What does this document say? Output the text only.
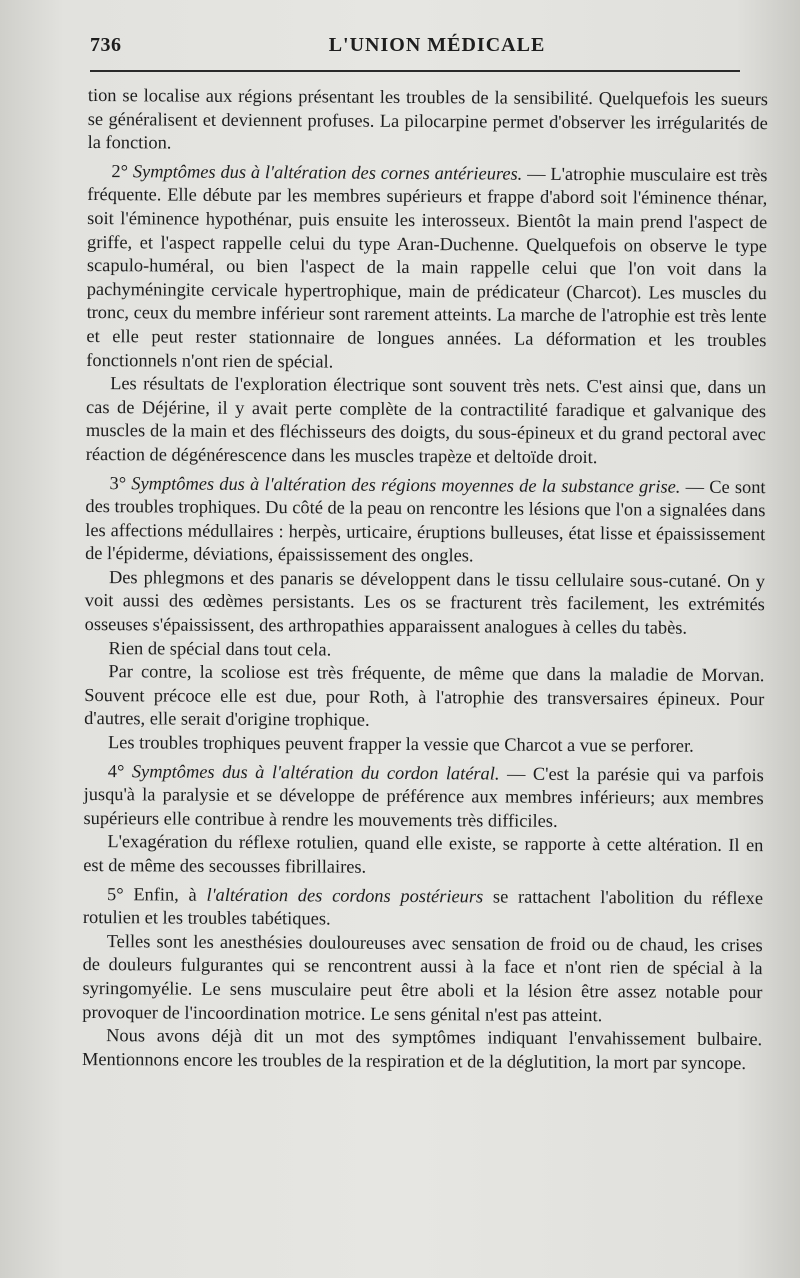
736	L'UNION MÉDICALE

tion se localise aux régions présentant les troubles de la sensibilité. Quelquefois les sueurs se généralisent et deviennent profuses. La pilocarpine permet d'observer les irrégularités de la fonction.

2° Symptômes dus à l'altération des cornes antérieures. — L'atrophie musculaire est très fréquente. Elle débute par les membres supérieurs et frappe d'abord soit l'éminence thénar, soit l'éminence hypothénar, puis ensuite les interosseux. Bientôt la main prend l'aspect de griffe, et l'aspect rappelle celui du type Aran-Duchenne. Quelquefois on observe le type scapulo-huméral, ou bien l'aspect de la main rappelle celui que l'on voit dans la pachyméningite cervicale hypertrophique, main de prédicateur (Charcot). Les muscles du tronc, ceux du membre inférieur sont rarement atteints. La marche de l'atrophie est très lente et elle peut rester stationnaire de longues années. La déformation et les troubles fonctionnels n'ont rien de spécial.

Les résultats de l'exploration électrique sont souvent très nets. C'est ainsi que, dans un cas de Déjérine, il y avait perte complète de la contractilité faradique et galvanique des muscles de la main et des fléchisseurs des doigts, du sous-épineux et du grand pectoral avec réaction de dégénérescence dans les muscles trapèze et deltoïde droit.

3° Symptômes dus à l'altération des régions moyennes de la substance grise. — Ce sont des troubles trophiques. Du côté de la peau on rencontre les lésions que l'on a signalées dans les affections médullaires : herpès, urticaire, éruptions bulleuses, état lisse et épaississement de l'épiderme, déviations, épaississement des ongles.

Des phlegmons et des panaris se développent dans le tissu cellulaire sous-cutané. On y voit aussi des œdèmes persistants. Les os se fracturent très facilement, les extrémités osseuses s'épaississent, des arthropathies apparaissent analogues à celles du tabès.

Rien de spécial dans tout cela.

Par contre, la scoliose est très fréquente, de même que dans la maladie de Morvan. Souvent précoce elle est due, pour Roth, à l'atrophie des transversaires épineux. Pour d'autres, elle serait d'origine trophique.

Les troubles trophiques peuvent frapper la vessie que Charcot a vue se perforer.

4° Symptômes dus à l'altération du cordon latéral. — C'est la parésie qui va parfois jusqu'à la paralysie et se développe de préférence aux membres inférieurs; aux membres supérieurs elle contribue à rendre les mouvements très difficiles.

L'exagération du réflexe rotulien, quand elle existe, se rapporte à cette altération. Il en est de même des secousses fibrillaires.

5° Enfin, à l'altération des cordons postérieurs se rattachent l'abolition du réflexe rotulien et les troubles tabétiques.

Telles sont les anesthésies douloureuses avec sensation de froid ou de chaud, les crises de douleurs fulgurantes qui se rencontrent aussi à la face et n'ont rien de spécial à la syringomyélie. Le sens musculaire peut être aboli et la lésion être assez notable pour provoquer de l'incoordination motrice. Le sens génital n'est pas atteint.

Nous avons déjà dit un mot des symptômes indiquant l'envahissement bulbaire. Mentionnons encore les troubles de la respiration et de la déglutition, la mort par syncope.
